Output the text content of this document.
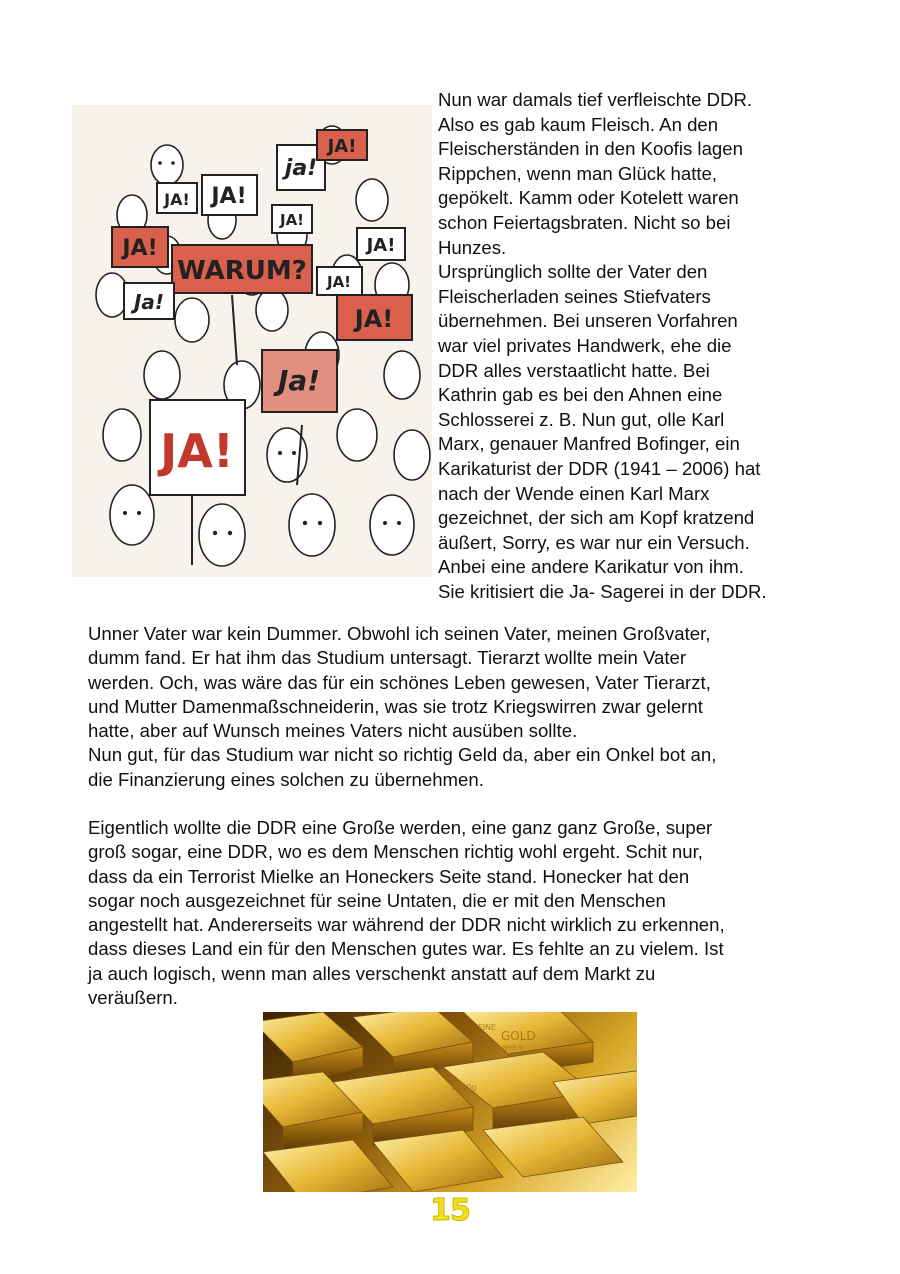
WARUM?
JA!
JA!
JA!
JA!
ja!
JA!
JA!
JA!
Ja!
Ja!
JA!
JA!
Nun war damals tief verfleischte DDR.
Also es gab kaum Fleisch. An den
Fleischerständen in den Koofis lagen
Rippchen, wenn man Glück hatte,
gepökelt. Kamm oder Kotelett waren
schon Feiertagsbraten. Nicht so bei
Hunzes.
Ursprünglich sollte der Vater den
Fleischerladen seines Stiefvaters
übernehmen. Bei unseren Vorfahren
war viel privates Handwerk, ehe die
DDR alles verstaatlicht hatte. Bei
Kathrin gab es bei den Ahnen eine
Schlosserei z. B. Nun gut, olle Karl
Marx, genauer Manfred Bofinger, ein
Karikaturist der DDR (1941 – 2006) hat
nach der Wende einen Karl Marx
gezeichnet, der sich am Kopf kratzend
äußert, Sorry, es war nur ein Versuch.
Anbei eine andere Karikatur von ihm.
Sie kritisiert die Ja- Sagerei in der DDR.
Unner Vater war kein Dummer. Obwohl ich seinen Vater, meinen Großvater,
dumm fand. Er hat ihm das Studium untersagt. Tierarzt wollte mein Vater
werden. Och, was wäre das für ein schönes Leben gewesen, Vater Tierarzt,
und Mutter Damenmaßschneiderin, was sie trotz Kriegswirren zwar gelernt
hatte, aber auf Wunsch meines Vaters nicht ausüben sollte.
Nun gut, für das Studium war nicht so richtig Geld da, aber ein Onkel bot an,
die Finanzierung eines solchen zu übernehmen.
Eigentlich wollte die DDR eine Große werden, eine ganz ganz Große, super
groß sogar, eine DDR, wo es dem Menschen richtig wohl ergeht. Schit nur,
dass da ein Terrorist Mielke an Honeckers Seite stand. Honecker hat den
sogar noch ausgezeichnet für seine Untaten, die er mit den Menschen
angestellt hat. Andererseits war während der DDR nicht wirklich zu erkennen,
dass dieses Land ein für den Menschen gutes war. Es fehlte an zu vielem. Ist
ja auch logisch, wenn man alles verschenkt anstatt auf dem Markt zu
veräußern.
FINE
GOLD
999.9
1000g
15
